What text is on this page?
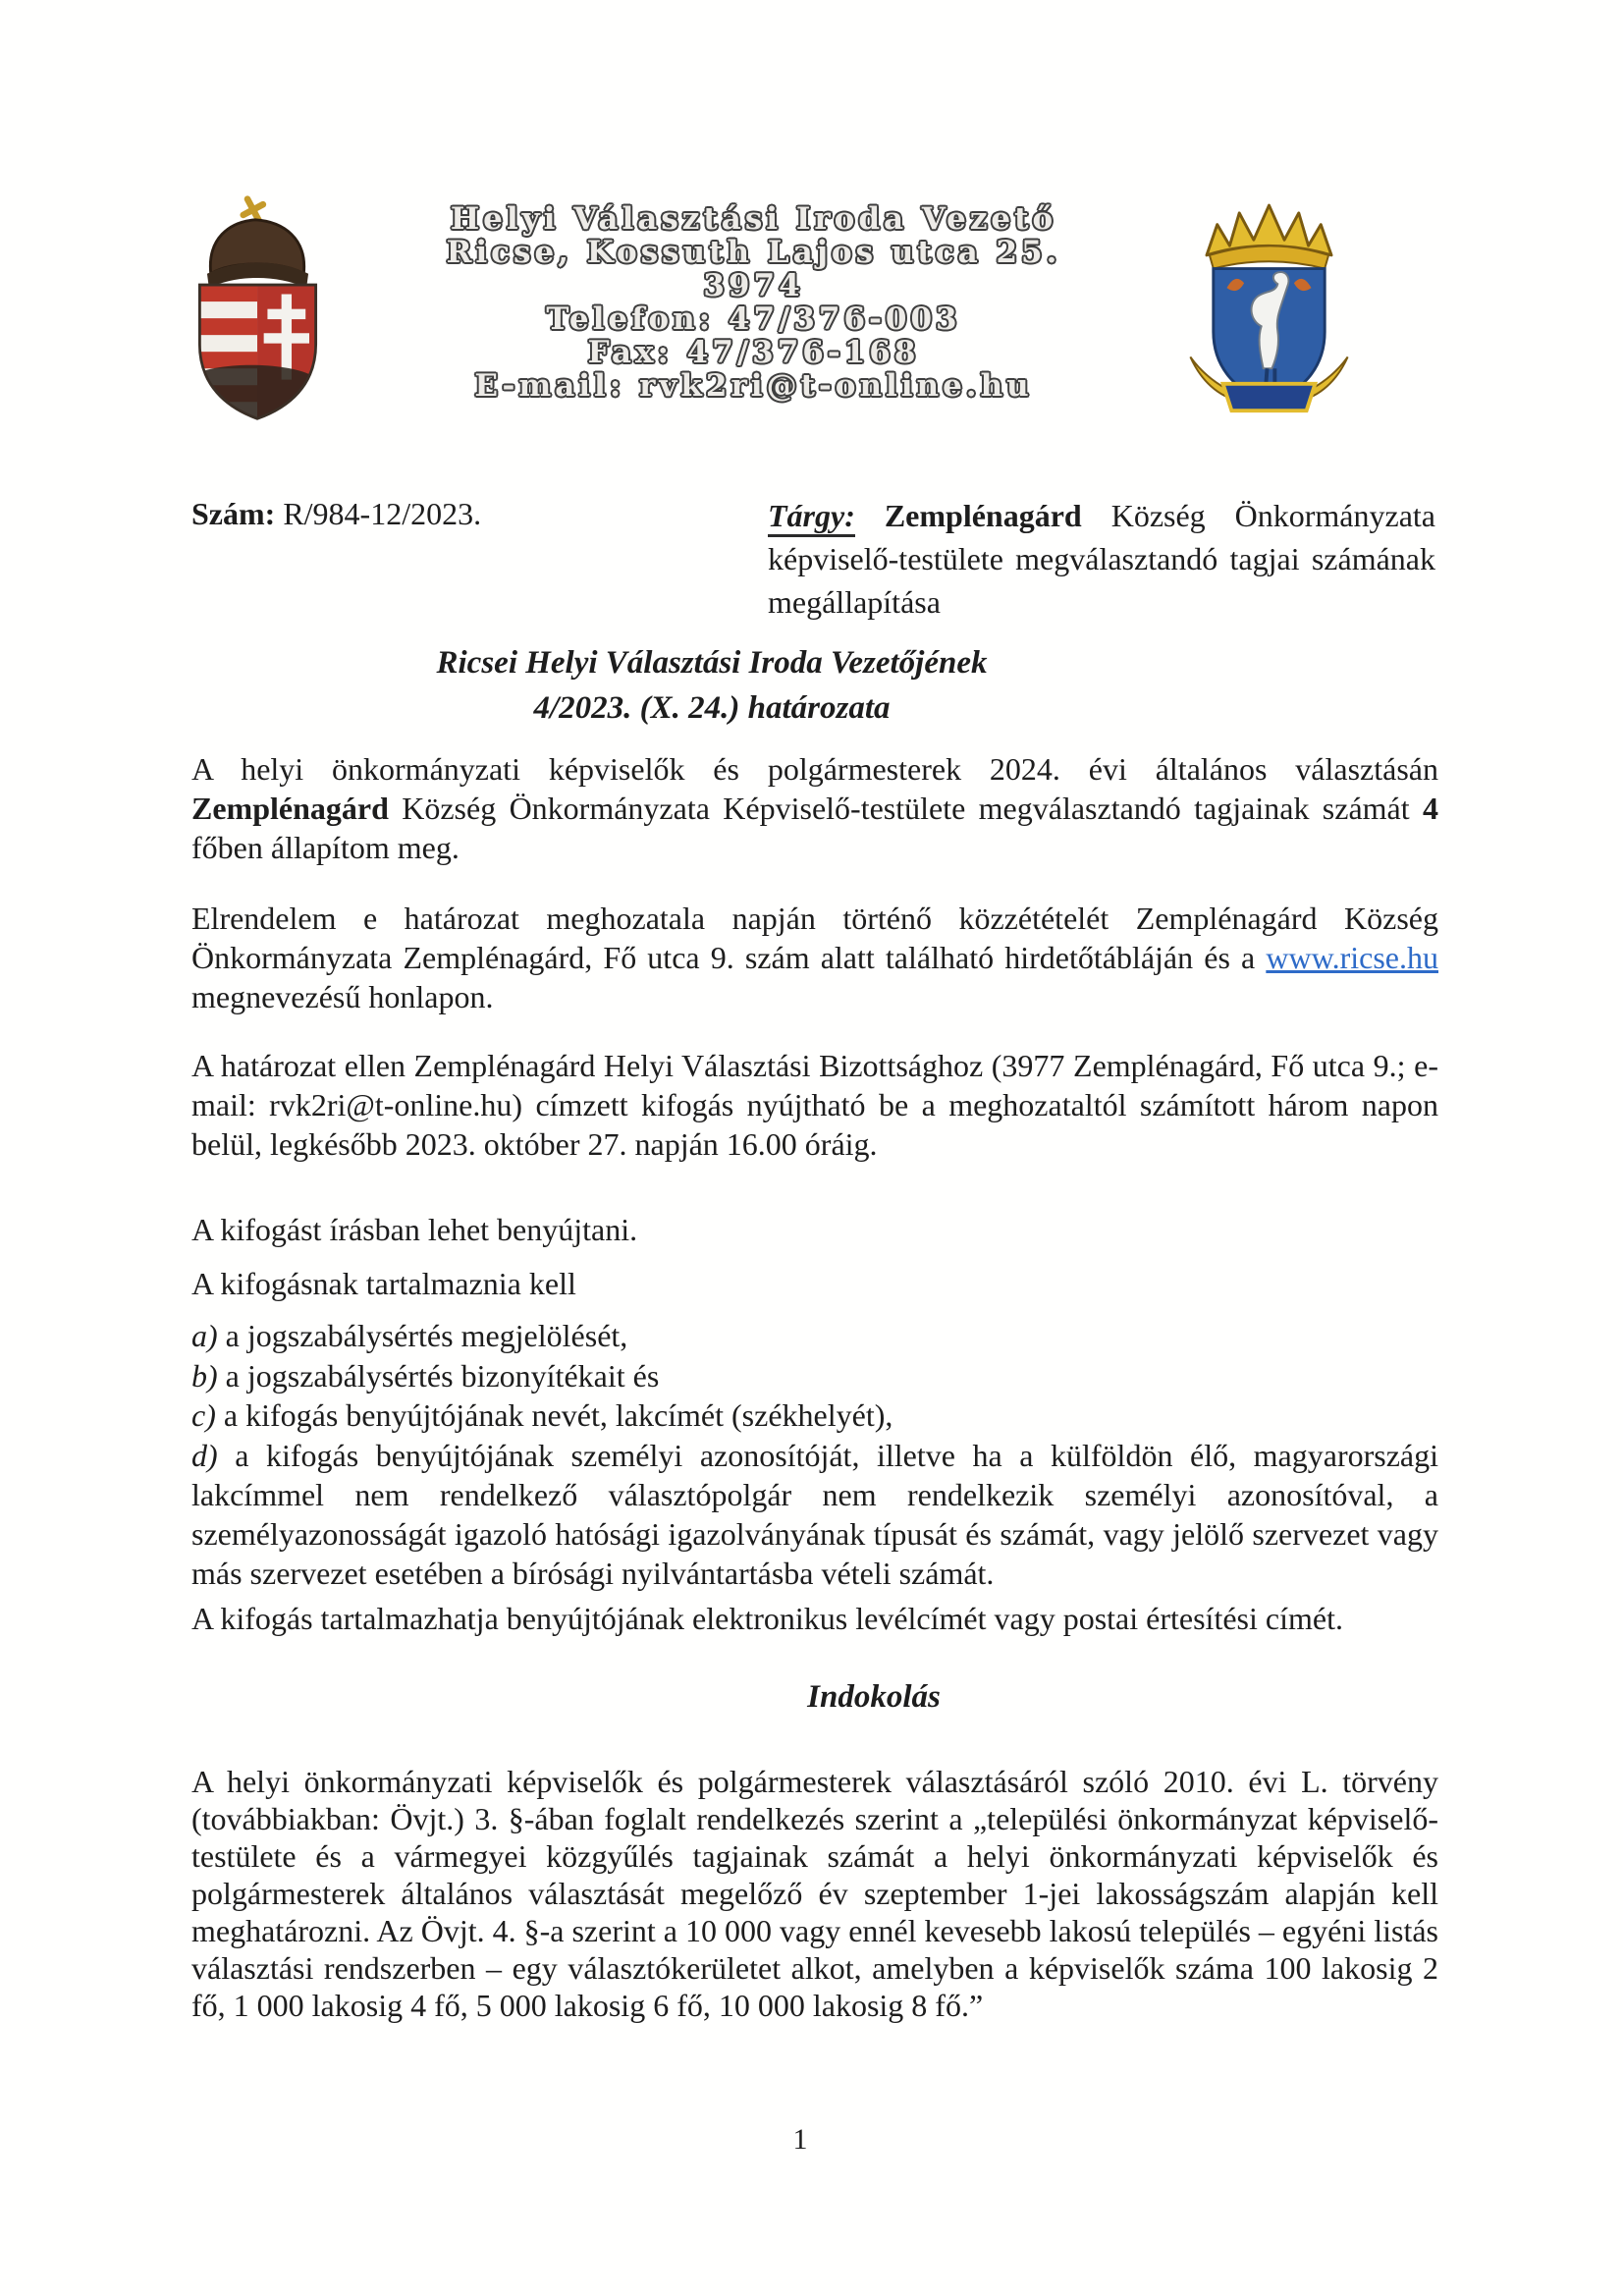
Helyi Választási Iroda Vezető
Ricse, Kossuth Lajos utca 25.
3974
Telefon: 47/376-003
Fax: 47/376-168
E-mail: rvk2ri@t-online.hu
Szám: R/984-12/2023.	Tárgy: Zemplénagárd Község Önkormányzata képviselő-testülete megválasztandó tagjai számának megállapítása
Ricsei Helyi Választási Iroda Vezetőjének
4/2023. (X. 24.) határozata
A helyi önkormányzati képviselők és polgármesterek 2024. évi általános választásán Zemplénagárd Község Önkormányzata Képviselő-testülete megválasztandó tagjainak számát 4 főben állapítom meg.
Elrendelem e határozat meghozatala napján történő közzétételét Zemplénagárd Község Önkormányzata Zemplénagárd, Fő utca 9. szám alatt található hirdetőtábláján és a www.ricse.hu megnevezésű honlapon.
A határozat ellen Zemplénagárd Helyi Választási Bizottsághoz (3977 Zemplénagárd, Fő utca 9.; e-mail: rvk2ri@t-online.hu) címzett kifogás nyújtható be a meghozataltól számított három napon belül, legkésőbb 2023. október 27. napján 16.00 óráig.
A kifogást írásban lehet benyújtani.
A kifogásnak tartalmaznia kell
a) a jogszabálysértés megjelölését,
b) a jogszabálysértés bizonyítékait és
c) a kifogás benyújtójának nevét, lakcímét (székhelyét),
d) a kifogás benyújtójának személyi azonosítóját, illetve ha a külföldön élő, magyarországi lakcímmel nem rendelkező választópolgár nem rendelkezik személyi azonosítóval, a személyazonosságát igazoló hatósági igazolványának típusát és számát, vagy jelölő szervezet vagy más szervezet esetében a bírósági nyilvántartásba vételi számát.
A kifogás tartalmazhatja benyújtójának elektronikus levélcímét vagy postai értesítési címét.
Indokolás
A helyi önkormányzati képviselők és polgármesterek választásáról szóló 2010. évi L. törvény (továbbiakban: Övjt.) 3. §-ában foglalt rendelkezés szerint a „települési önkormányzat képviselő-testülete és a vármegyei közgyűlés tagjainak számát a helyi önkormányzati képviselők és polgármesterek általános választását megelőző év szeptember 1-jei lakosságszám alapján kell meghatározni. Az Övjt. 4. §-a szerint a 10 000 vagy ennél kevesebb lakosú település – egyéni listás választási rendszerben – egy választókerületet alkot, amelyben a képviselők száma 100 lakosig 2 fő, 1 000 lakosig 4 fő, 5 000 lakosig 6 fő, 10 000 lakosig 8 fő.”
1
